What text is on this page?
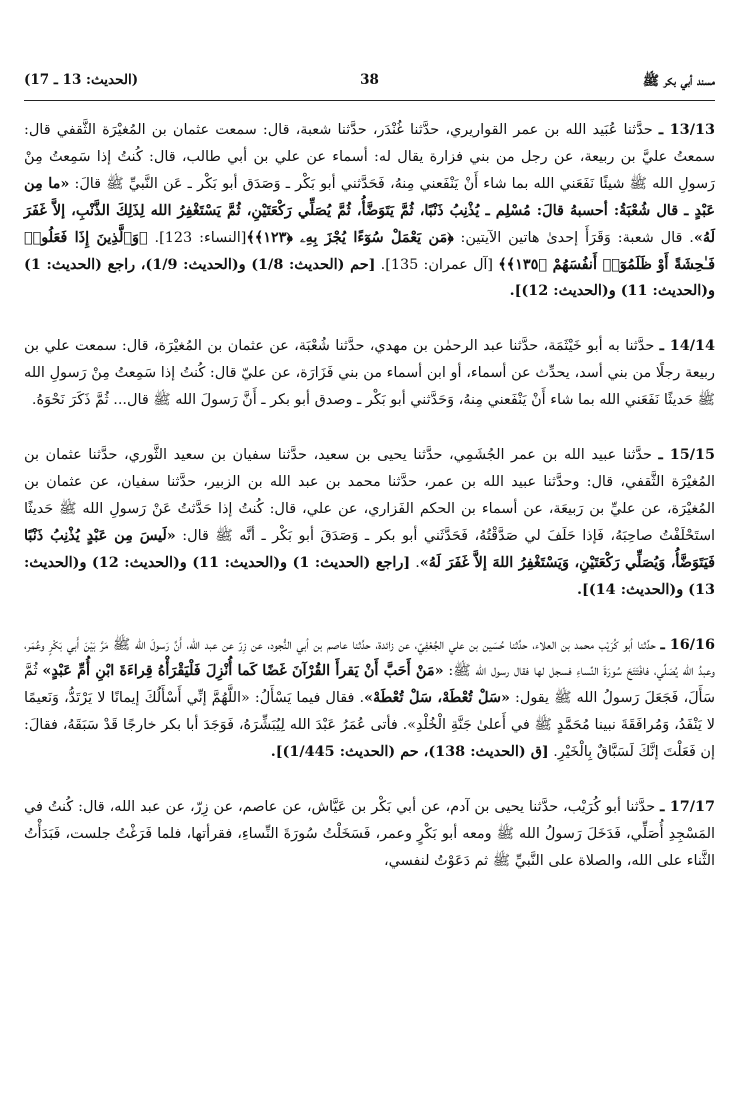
مسند أبي بكر ﷺ
38
(الحديث: 13 ـ 17)

13/13 ـ حدَّثنا عُبَيد الله بن عمر القواريري، حدَّثنا غُنْدَر، حدَّثنا شعبة، قال: سمعت عثمان بن المُغيْرَة الثَّقفي قال: سمعتُ عليَّ بن ربيعة، عن رجل من بني فزارة يقال له: أسماء عن علي بن أبي طالب، قال: كُنتُ إذا سَمِعتُ مِنْ رَسولِ الله ﷺ شيئًا نَفَعَني الله بما شاء أَنْ يَنْفَعني مِنهُ، فَحَدَّثني أبو بَكْر ـ وَصَدَق أبو بَكْر ـ عَن النَّبيِّ ﷺ قالَ: «ما مِن عَبْدٍ ـ قال شُعْبَةُ: أحسبهُ قالَ: مُسْلِم ـ يُذْنِبُ ذَنْبًا، ثُمَّ يَتَوَضَّأُ، ثُمَّ يُصَلِّي رَكْعَتَيْنِ، ثُمَّ يَسْتَغْفِرُ الله لِذَلِكَ الذَّنْبِ، إلاَّ غَفَرَ لَهُ». قال شعبة: وَقَرَأَ إحدىٰ هاتين الآيتين: ﴿مَن يَعْمَلْ سُوٓءًا يُجْزَ بِهِۦ ﴿١٢٣﴾﴾[النساء: 123]. ﴿وَٱلَّذِينَ إِذَا فَعَلُوا۟ فَـٰحِشَةً أَوْ ظَلَمُوٓا۟ أَنفُسَهُمْ ﴿١٣٥﴾﴾ [آل عمران: 135]. [حم (الحديث: 1/8) و(الحديث: 1/9)، راجع (الحديث: 1) و(الحديث: 11) و(الحديث: 12)].

14/14 ـ حدَّثنا به أبو خَيْثَمَة، حدَّثنا عبد الرحمٰن بن مهدي، حدَّثنا شُعْبَة، عن عثمان بن المُغيْرَة، قال: سمعت علي بن ربيعة رجلًا من بني أسد، يحدِّث عن أسماء، أو ابن أسماء من بني فَزَارَة، عن عليّ قال: كُنتُ إذا سَمِعتُ مِنْ رَسولِ الله ﷺ حَديثًا نَفَعَني الله بما شاء أَنْ يَنْفَعني مِنهُ، وَحَدَّثني أبو بَكْر ـ وصدق أبو بكر ـ أَنَّ رَسولَ الله ﷺ قال... ثُمَّ ذَكَرَ نَحْوَهُ.

15/15 ـ حدَّثنا عبيد الله بن عمر الجُشَمِي، حدَّثنا يحيى بن سعيد، حدَّثنا سفيان بن سعيد الثَّوري، حدَّثنا عثمان بن المُغيْرَة الثَّقفي، قال: وحدَّثنا عبيد الله بن عمر، حدَّثنا محمد بن عبد الله بن الزبير، حدَّثنا سفيان، عن عثمان بن المُغيْرَة، عن عليِّ بن رَبيعَة، عن أسماء بن الحكم الفَزاري، عن علي، قال: كُنتُ إذا حَدَّثتُ عَنْ رَسولِ الله ﷺ حَديثًا استَحْلَفْتُ صاحِبَهُ، فَإذا حَلَفَ لي صَدَّقْتُهُ، فَحَدَّثَني أبو بكر ـ وَصَدَقَ أبو بَكْر ـ أنَّه ﷺ قال: «لَيسَ مِن عَبْدٍ يُذْنِبُ ذَنْبًا فَيَتَوَضَّأُ، وَيُصَلِّي رَكْعَتَيْنِ، وَيَسْتَغْفِرُ اللهَ إلاَّ غَفَرَ لَهُ». [راجع (الحديث: 1) و(الحديث: 11) و(الحديث: 12) و(الحديث: 13) و(الحديث: 14)].

16/16 ـ حدَّثنا أبو كُرَيْب محمد بن العلاء، حدَّثنا حُسَين بن علي الجُعْفِيّ، عن زائدة، حدَّثنا عاصم بن أبي النُّجود، عن زِرّ عن عبد الله، أَنَّ رَسولَ الله ﷺ مَرَّ بَيْنَ أَبي بَكْرٍ وعُمَر، وعبدُ الله يُصَلِّي، فافْتَتَحَ سُورَةَ النِّساءِ فسجل لها فقال رسول الله ﷺ: «مَنْ أَحَبَّ أَنْ يَقرأَ القُرْآنَ غَضًا كَما أُنْزِلَ فَلْيَقْرَأْهُ قِراءَةَ ابْنِ أُمِّ عَبْدٍ» ثُمَّ سَأَلَ، فَجَعَلَ رَسولُ الله ﷺ يقول: «سَلْ تُعْطَهْ، سَلْ تُعْطَهْ». فقال فيما يَسْأَلُ: «اللَّهُمَّ إنِّي أَسْأَلُكَ إيمانًا لا يَرْتَدُّ، وَنَعيمًا لا يَنْفَدُ، وَمُرافَقَةَ نبينا مُحَمَّدٍ ﷺ في أَعلىٰ جَنَّةِ الْخُلْدِ». فأتى عُمَرُ عَبْدَ الله لِيُبَشِّرَهُ، فَوَجَدَ أبا بكر خارجًا قَدْ سَبَقَهُ، فقالَ: إن فَعَلْتَ إنَّكَ لَسَبَّاقٌ بِالْخَيْرِ. [ق (الحديث: 138)، حم (الحديث: 1/445)].

17/17 ـ حدَّثنا أبو كُرَيْب، حدَّثنا يحيى بن آدم، عن أبي بَكْر بن عَيَّاش، عن عاصم، عن زِرّ، عن عبد الله، قال: كُنتُ في المَسْجِدِ أُصَلِّي، فَدَخَلَ رَسولُ الله ﷺ ومعه أبو بَكْرٍ وعمر، فَسَخَلْتُ سُورَةَ النِّساءِ، فقرأتها، فلما فَرَغْتُ جلست، فَبَدَأْتُ الثَّناء على الله، والصلاة على النَّبيِّ ﷺ ثم دَعَوْتُ لنفسي،
